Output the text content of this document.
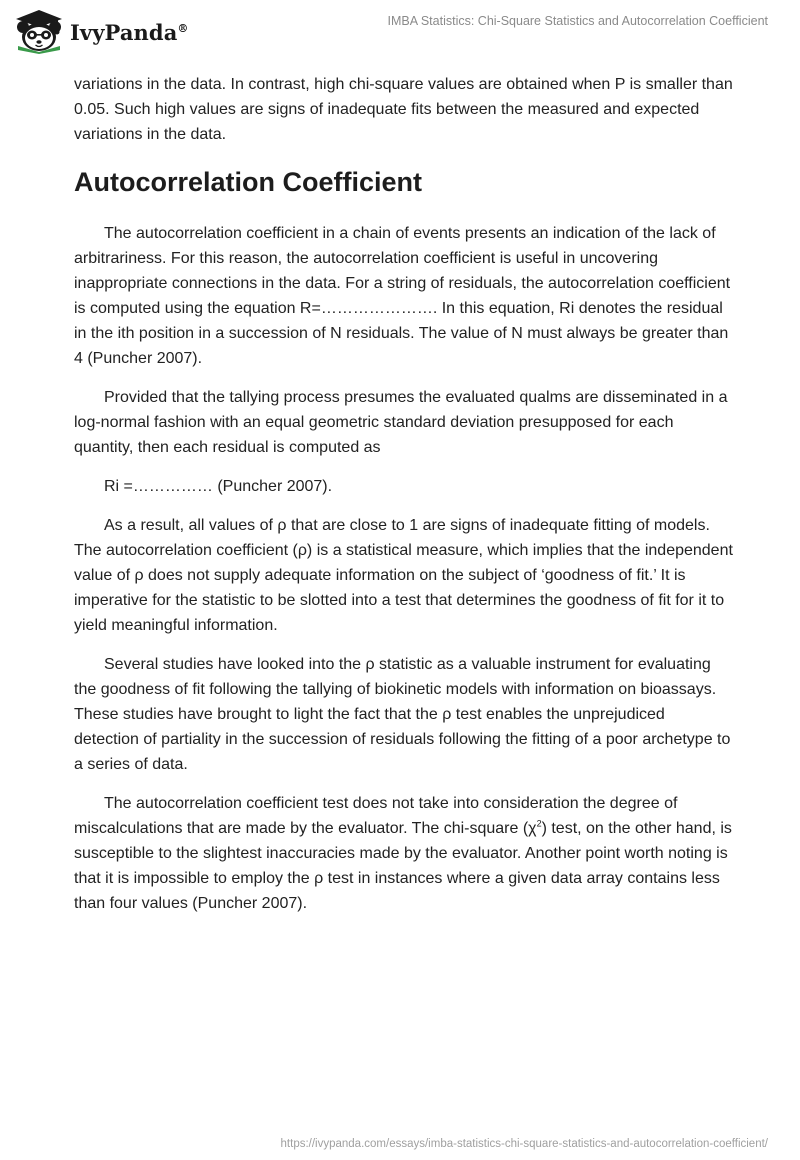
IvyPanda®	IMBA Statistics: Chi-Square Statistics and Autocorrelation Coefficient

variations in the data. In contrast, high chi-square values are obtained when P is smaller than 0.05. Such high values are signs of inadequate fits between the measured and expected variations in the data.

Autocorrelation Coefficient

The autocorrelation coefficient in a chain of events presents an indication of the lack of arbitrariness. For this reason, the autocorrelation coefficient is useful in uncovering inappropriate connections in the data. For a string of residuals, the autocorrelation coefficient is computed using the equation R=…………………. In this equation, Ri denotes the residual in the ith position in a succession of N residuals. The value of N must always be greater than 4 (Puncher 2007).

Provided that the tallying process presumes the evaluated qualms are disseminated in a log-normal fashion with an equal geometric standard deviation presupposed for each quantity, then each residual is computed as

Ri =…………… (Puncher 2007).

As a result, all values of ρ that are close to 1 are signs of inadequate fitting of models. The autocorrelation coefficient (ρ) is a statistical measure, which implies that the independent value of ρ does not supply adequate information on the subject of ‘goodness of fit.’ It is imperative for the statistic to be slotted into a test that determines the goodness of fit for it to yield meaningful information.

Several studies have looked into the ρ statistic as a valuable instrument for evaluating the goodness of fit following the tallying of biokinetic models with information on bioassays. These studies have brought to light the fact that the ρ test enables the unprejudiced detection of partiality in the succession of residuals following the fitting of a poor archetype to a series of data.

The autocorrelation coefficient test does not take into consideration the degree of miscalculations that are made by the evaluator. The chi-square $(\chi^2)$ test, on the other hand, is susceptible to the slightest inaccuracies made by the evaluator. Another point worth noting is that it is impossible to employ the ρ test in instances where a given data array contains less than four values (Puncher 2007).

https://ivypanda.com/essays/imba-statistics-chi-square-statistics-and-autocorrelation-coefficient/
